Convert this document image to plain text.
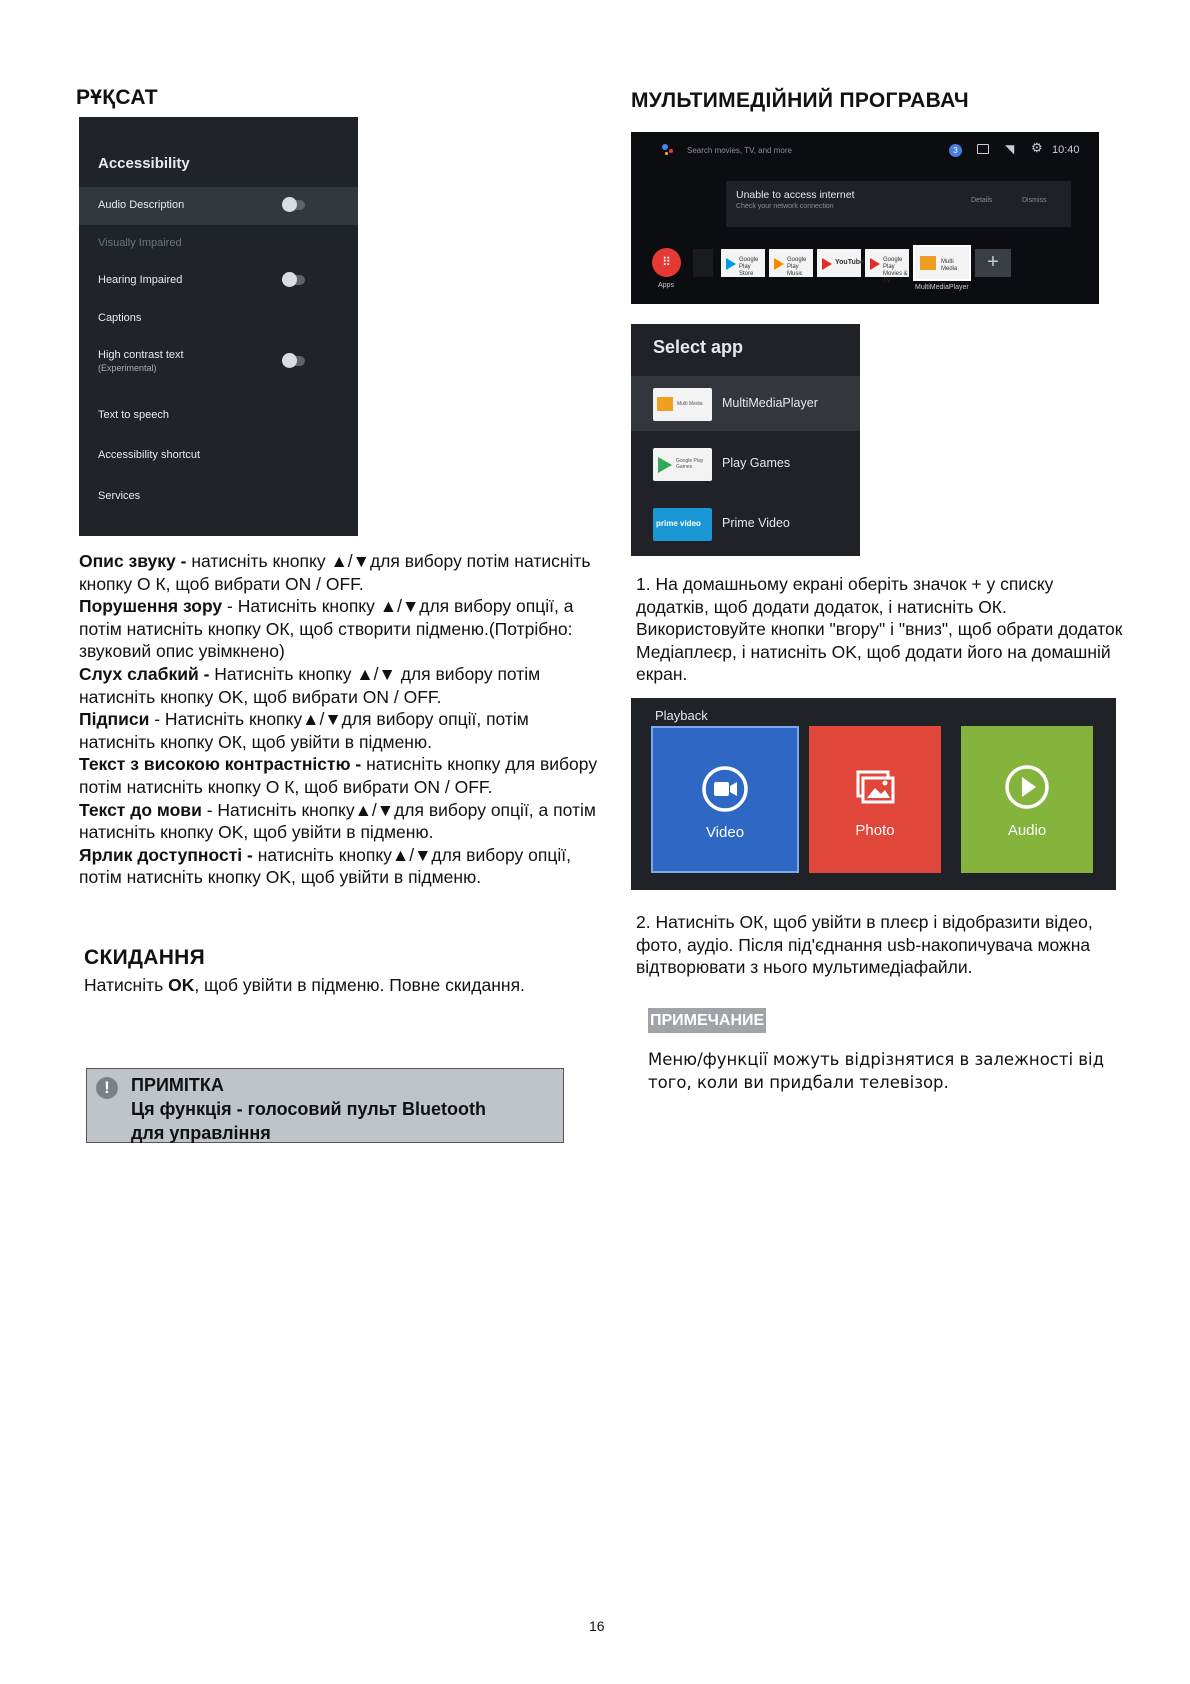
РҰҚСАТ
Accessibility
Audio Description
Visually Impaired
Hearing Impaired
Captions
High contrast text
(Experimental)
Text to speech
Accessibility shortcut
Services
Опис звуку - натисніть кнопку ▲/▼для вибору потім натисніть кнопку О К, щоб вибрати ON / OFF.
Порушення зору - Натисніть кнопку ▲/▼для вибору опції, а потім натисніть кнопку ОК, щоб створити підменю.(Потрібно: звуковий опис увімкнено)
Слух слабкий - Натисніть кнопку ▲/▼ для вибору потім натисніть кнопку OK, щоб вибрати ON / OFF.
Підписи - Натисніть кнопку▲/▼для вибору опції, потім натисніть кнопку ОК, щоб увійти в підменю.
Текст з високою контрастністю - натисніть кнопку для вибору потім натисніть кнопку О К, щоб вибрати ON / OFF.
Текст до мови - Натисніть кнопку▲/▼для вибору опції, а потім натисніть кнопку OK, щоб увійти в підменю.
Ярлик доступності - натисніть кнопку▲/▼для вибору опції, потім натисніть кнопку OK, щоб увійти в підменю.
СКИДАННЯ
Натисніть OK, щоб увійти в підменю. Повне скидання.
!	ПРИМІТКА
Ця функція - голосовий пульт Bluetooth
для управління
МУЛЬТИМЕДІЙНИЙ ПРОГРАВАЧ
Search movies, TV, and more	3	◥ ⚙ 10:40
Unable to access internet
Check your network connection
Details	Dismiss
⠿
Apps
Google Play Store
Google Play Music
YouTube	Google Play Movies & TV
Multi Media	+
MultiMediaPlayer
Select app
Multi Media MultiMediaPlayer
Google Play Games	Play Games
prime video Prime Video
1. На домашньому екрані оберіть значок + у списку додатків, щоб додати додаток, і натисніть ОК. Використовуйте кнопки "вгору" і "вниз", щоб обрати додаток Медіаплеєр, і натисніть OK, щоб додати його на домашній екран.
Playback
Video	Photo	Audio
2. Натисніть ОК, щоб увійти в плеєр і відобразити відео, фото, аудіо. Після під'єднання usb-накопичувача можна відтворювати з нього мультимедіафайли.
ПРИМЕЧАНИЕ
Меню/функції можуть відрізнятися в залежності від того, коли ви придбали телевізор.
16
